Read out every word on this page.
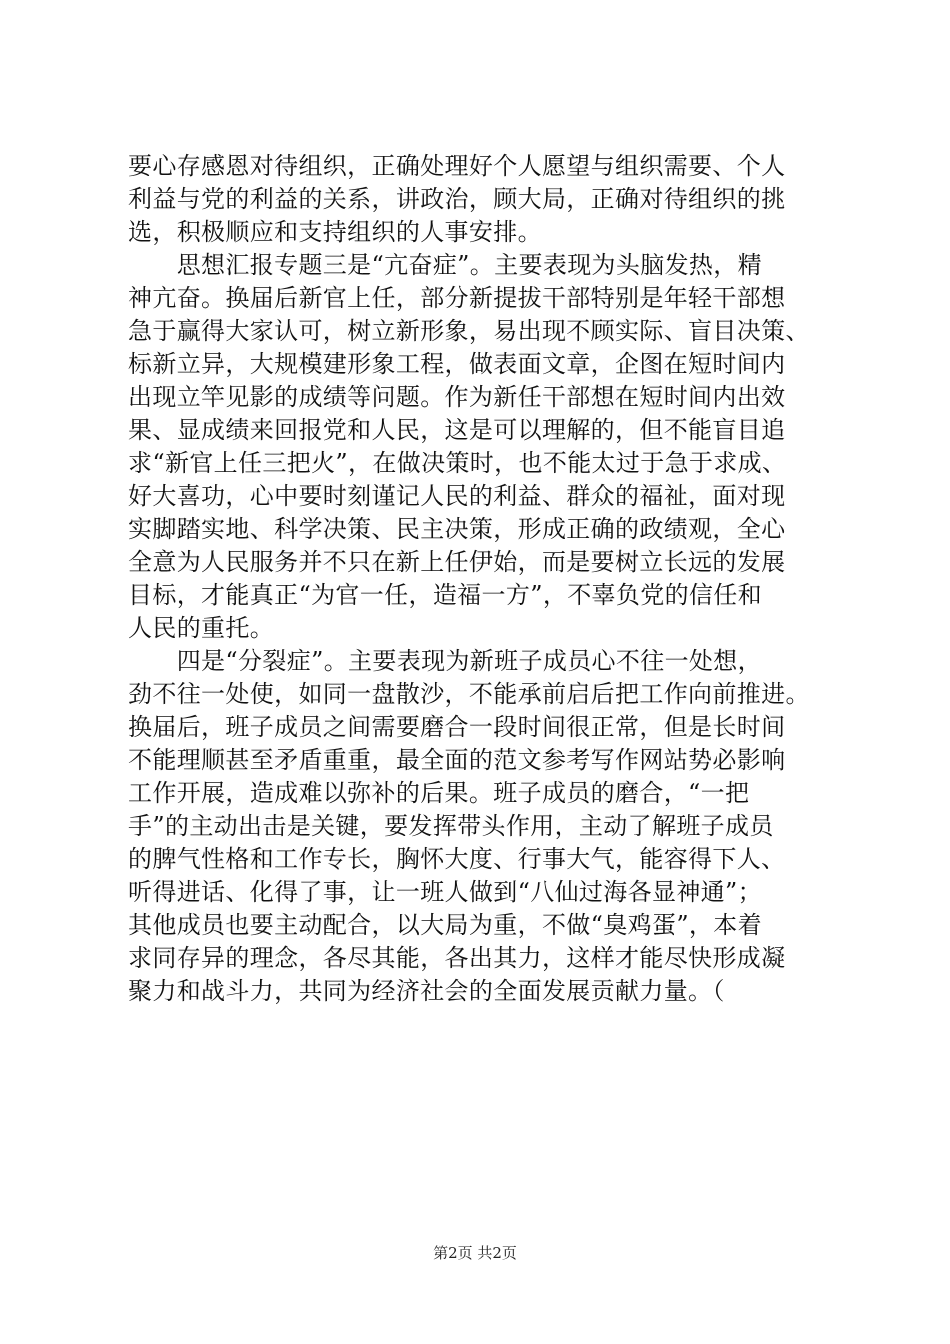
要心存感恩对待组织，正确处理好个人愿望与组织需要、个人
利益与党的利益的关系，讲政治，顾大局，正确对待组织的挑
选，积极顺应和支持组织的人事安排。
　　思想汇报专题三是“亢奋症”。主要表现为头脑发热，精
神亢奋。换届后新官上任，部分新提拔干部特别是年轻干部想
急于赢得大家认可，树立新形象，易出现不顾实际、盲目决策、
标新立异，大规模建形象工程，做表面文章，企图在短时间内
出现立竿见影的成绩等问题。作为新任干部想在短时间内出效
果、显成绩来回报党和人民，这是可以理解的，但不能盲目追
求“新官上任三把火”，在做决策时，也不能太过于急于求成、
好大喜功，心中要时刻谨记人民的利益、群众的福祉，面对现
实脚踏实地、科学决策、民主决策，形成正确的政绩观，全心
全意为人民服务并不只在新上任伊始，而是要树立长远的发展
目标，才能真正“为官一任，造福一方”，不辜负党的信任和
人民的重托。
　　四是“分裂症”。主要表现为新班子成员心不往一处想，
劲不往一处使，如同一盘散沙，不能承前启后把工作向前推进。
换届后，班子成员之间需要磨合一段时间很正常，但是长时间
不能理顺甚至矛盾重重，最全面的范文参考写作网站势必影响
工作开展，造成难以弥补的后果。班子成员的磨合，“一把
手”的主动出击是关键，要发挥带头作用，主动了解班子成员
的脾气性格和工作专长，胸怀大度、行事大气，能容得下人、
听得进话、化得了事，让一班人做到“八仙过海各显神通”；
其他成员也要主动配合，以大局为重，不做“臭鸡蛋”，本着
求同存异的理念，各尽其能，各出其力，这样才能尽快形成凝
聚力和战斗力，共同为经济社会的全面发展贡献力量。（
第2页 共2页
